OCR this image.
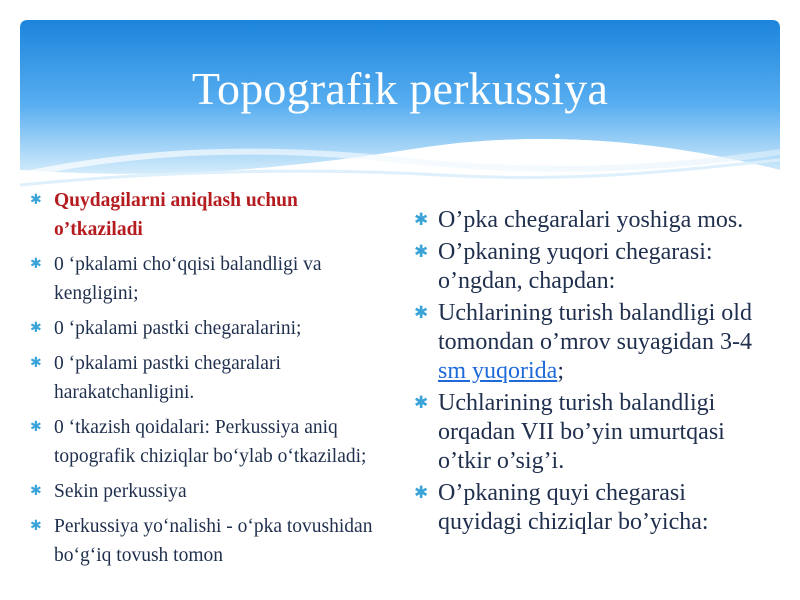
Topografik perkussiya
✱ Quydagilarni aniqlash uchun o’tkaziladi
✱ 0 ‘pkalami cho‘qqisi balandligi va kengligini;
✱ 0 ‘pkalami pastki chegaralarini;
✱ 0 ‘pkalami pastki chegaralari harakatchanligini.
✱ 0 ‘tkazish qoidalari: Perkussiya aniq topografik chiziqlar bo‘ylab o‘tkaziladi;
✱ Sekin perkussiya
✱ Perkussiya yo‘nalishi - o‘pka tovushidan bo‘g‘iq tovush tomon
✱ O’pka chegaralari yoshiga mos.
✱ O’pkaning yuqori chegarasi: o’ngdan, chapdan:
✱ Uchlarining turish balandligi old tomondan o’mrov suyagidan 3-4 sm yuqorida;
✱ Uchlarining turish balandligi orqadan VII bo’yin umurtqasi o’tkir o’sig’i.
✱ O’pkaning quyi chegarasi quyidagi chiziqlar bo’yicha:
